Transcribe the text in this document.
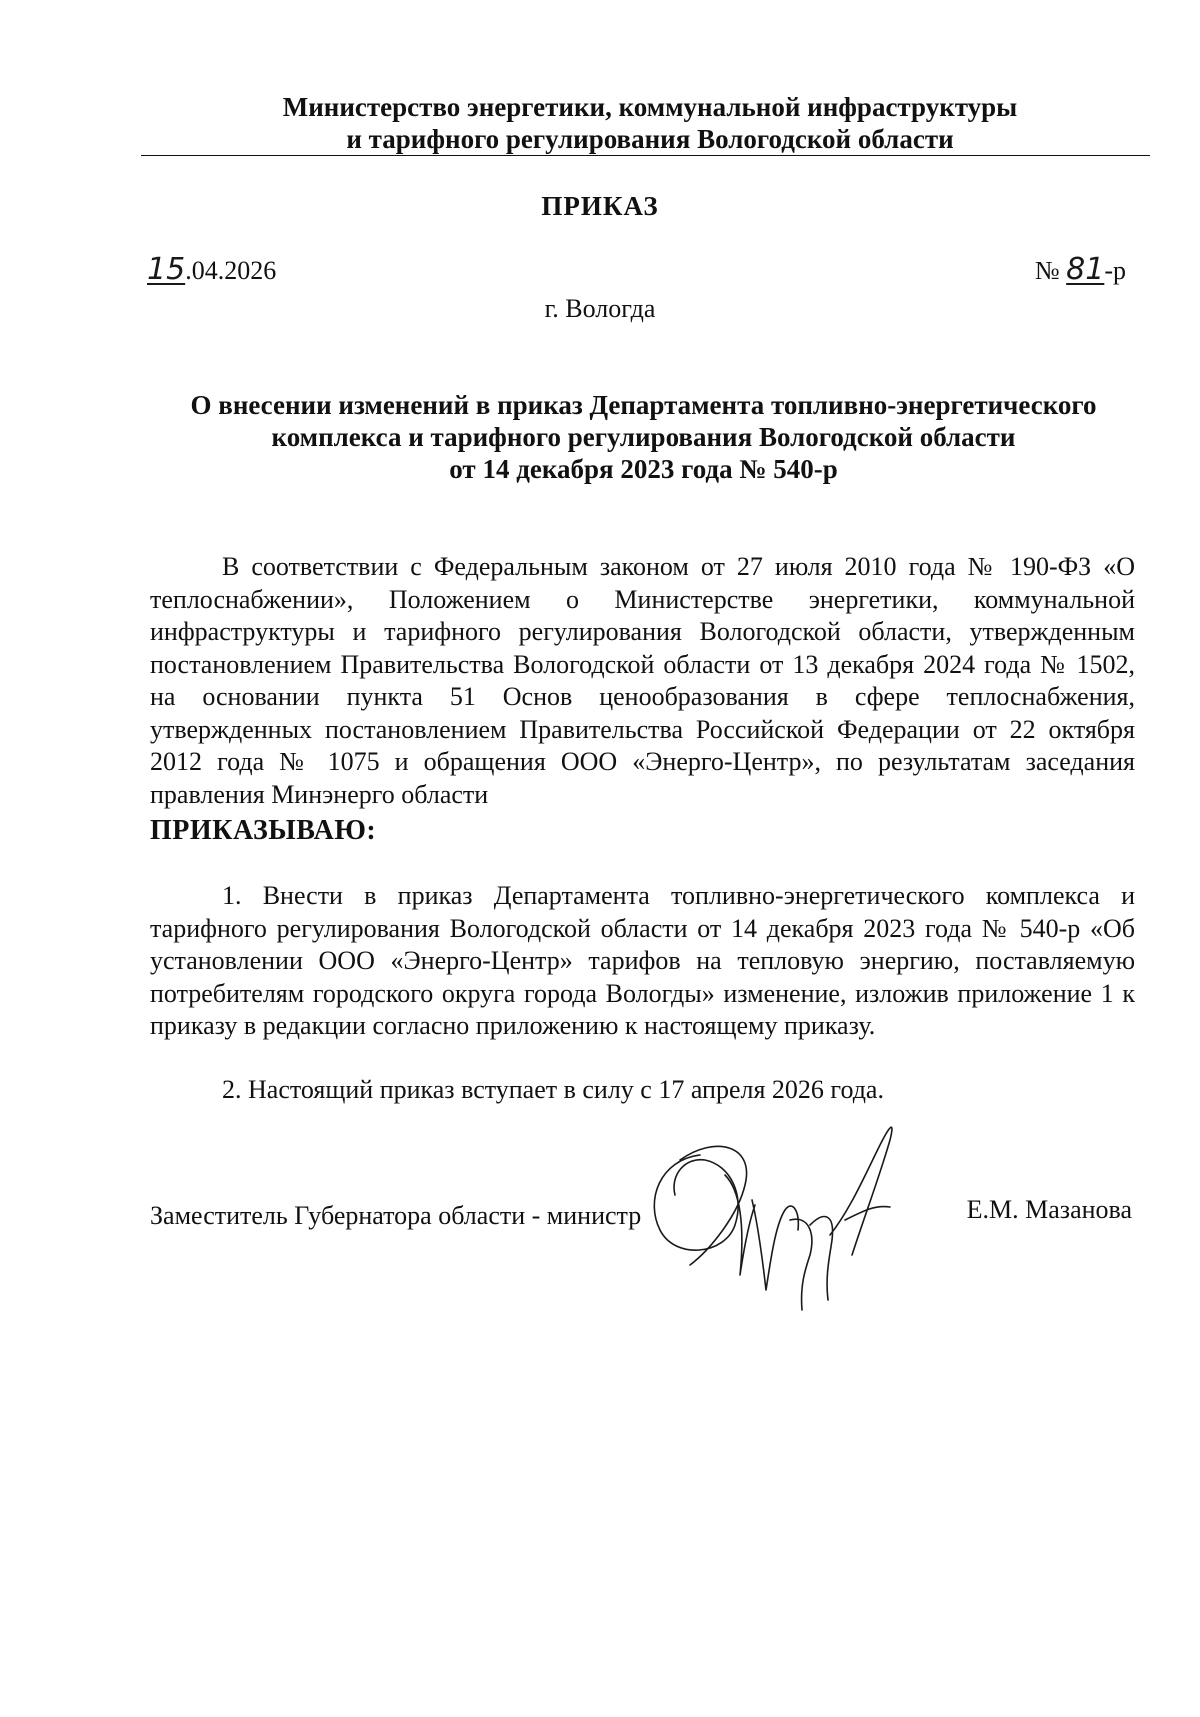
Министерство энергетики, коммунальной инфраструктуры
и тарифного регулирования Вологодской области
ПРИКАЗ
15.04.2026	№ 81-р
г. Вологда
О внесении изменений в приказ Департамента топливно-энергетического
комплекса и тарифного регулирования Вологодской области
от 14 декабря 2023 года № 540-р

В соответствии с Федеральным законом от 27 июля 2010 года № 190-ФЗ «О теплоснабжении», Положением о Министерстве энергетики, коммунальной инфраструктуры и тарифного регулирования Вологодской области, утвержденным постановлением Правительства Вологодской области от 13 декабря 2024 года № 1502, на основании пункта 51 Основ ценообразования в сфере теплоснабжения, утвержденных постановлением Правительства Российской Федерации от 22 октября 2012 года № 1075 и обращения ООО «Энерго-Центр», по результатам заседания правления Минэнерго области

ПРИКАЗЫВАЮ:

1. Внести в приказ Департамента топливно-энергетического комплекса и тарифного регулирования Вологодской области от 14 декабря 2023 года № 540-р «Об установлении ООО «Энерго-Центр» тарифов на тепловую энергию, поставляемую потребителям городского округа города Вологды» изменение, изложив приложение 1 к приказу в редакции согласно приложению к настоящему приказу.

2. Настоящий приказ вступает в силу с 17 апреля 2026 года.
Заместитель Губернатора области - министр	Е.М. Мазанова
